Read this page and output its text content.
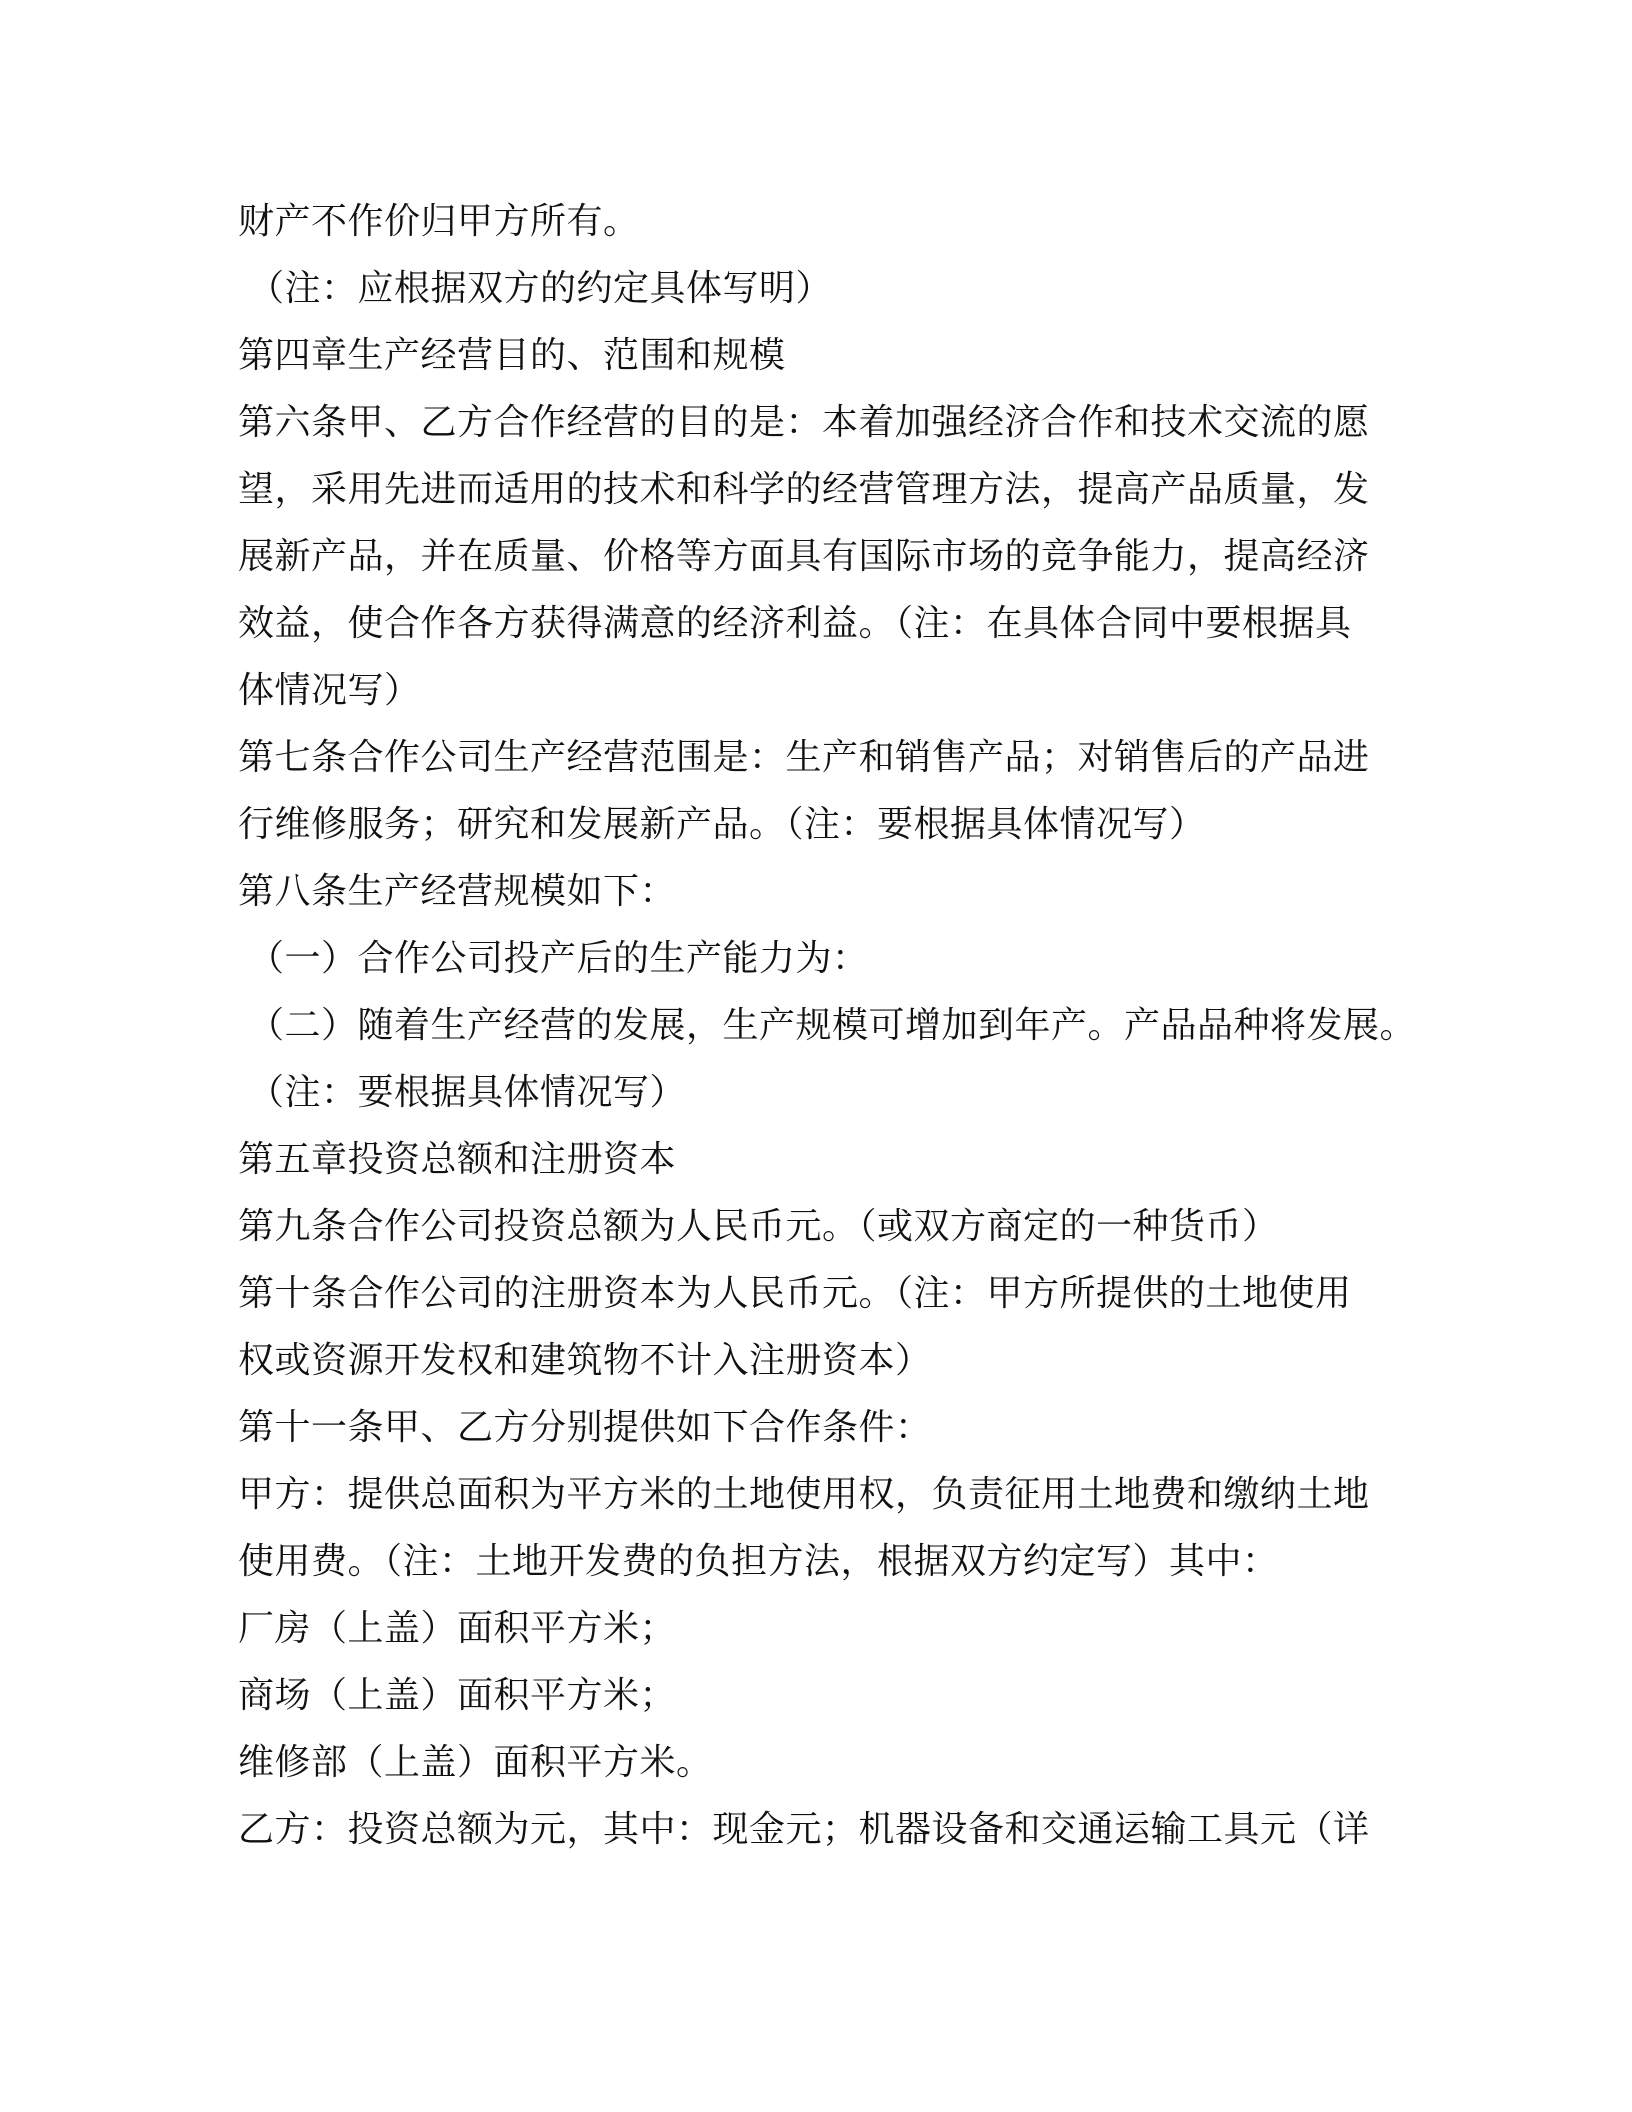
财产不作价归甲方所有。
（注：应根据双方的约定具体写明）
第四章生产经营目的、范围和规模
第六条甲、乙方合作经营的目的是：本着加强经济合作和技术交流的愿
望，采用先进而适用的技术和科学的经营管理方法，提高产品质量，发
展新产品，并在质量、价格等方面具有国际市场的竞争能力，提高经济
效益，使合作各方获得满意的经济利益。（注：在具体合同中要根据具
体情况写）
第七条合作公司生产经营范围是：生产和销售产品；对销售后的产品进
行维修服务；研究和发展新产品。（注：要根据具体情况写）
第八条生产经营规模如下：
（一）合作公司投产后的生产能力为：
（二）随着生产经营的发展，生产规模可增加到年产。产品品种将发展。
（注：要根据具体情况写）
第五章投资总额和注册资本
第九条合作公司投资总额为人民币元。（或双方商定的一种货币）
第十条合作公司的注册资本为人民币元。（注：甲方所提供的土地使用
权或资源开发权和建筑物不计入注册资本）
第十一条甲、乙方分别提供如下合作条件：
甲方：提供总面积为平方米的土地使用权，负责征用土地费和缴纳土地
使用费。（注：土地开发费的负担方法，根据双方约定写）其中：
厂房（上盖）面积平方米；
商场（上盖）面积平方米；
维修部（上盖）面积平方米。
乙方：投资总额为元，其中：现金元；机器设备和交通运输工具元（详
